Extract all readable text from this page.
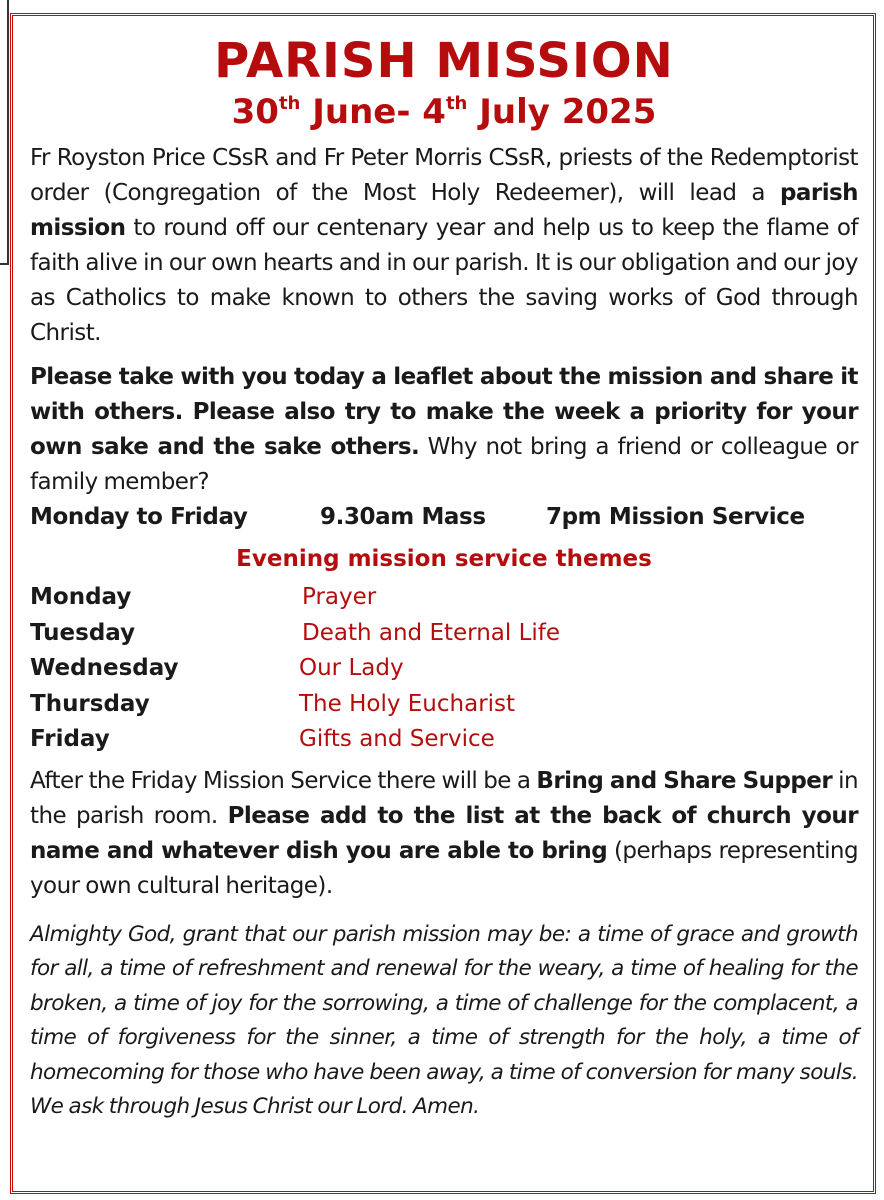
PARISH MISSION
30th June- 4th July 2025

Fr Royston Price CSsR and Fr Peter Morris CSsR, priests of the Redemptorist order (Congregation of the Most Holy Redeemer), will lead a parish mission to round off our centenary year and help us to keep the flame of faith alive in our own hearts and in our parish. It is our obligation and our joy as Catholics to make known to others the saving works of God through Christ.

Please take with you today a leaflet about the mission and share it with others. Please also try to make the week a priority for your own sake and the sake others. Why not bring a friend or colleague or family member?

Monday to Friday	9.30am Mass	7pm Mission Service
Evening mission service themes
Monday	Prayer
Tuesday	Death and Eternal Life
Wednesday	Our Lady
Thursday	The Holy Eucharist
Friday	Gifts and Service

After the Friday Mission Service there will be a Bring and Share Supper in the parish room. Please add to the list at the back of church your name and whatever dish you are able to bring (perhaps representing your own cultural heritage).

Almighty God, grant that our parish mission may be: a time of grace and growth for all, a time of refreshment and renewal for the weary, a time of healing for the broken, a time of joy for the sorrowing, a time of challenge for the complacent, a time of forgiveness for the sinner, a time of strength for the holy, a time of homecoming for those who have been away, a time of conversion for many souls. We ask through Jesus Christ our Lord. Amen.
